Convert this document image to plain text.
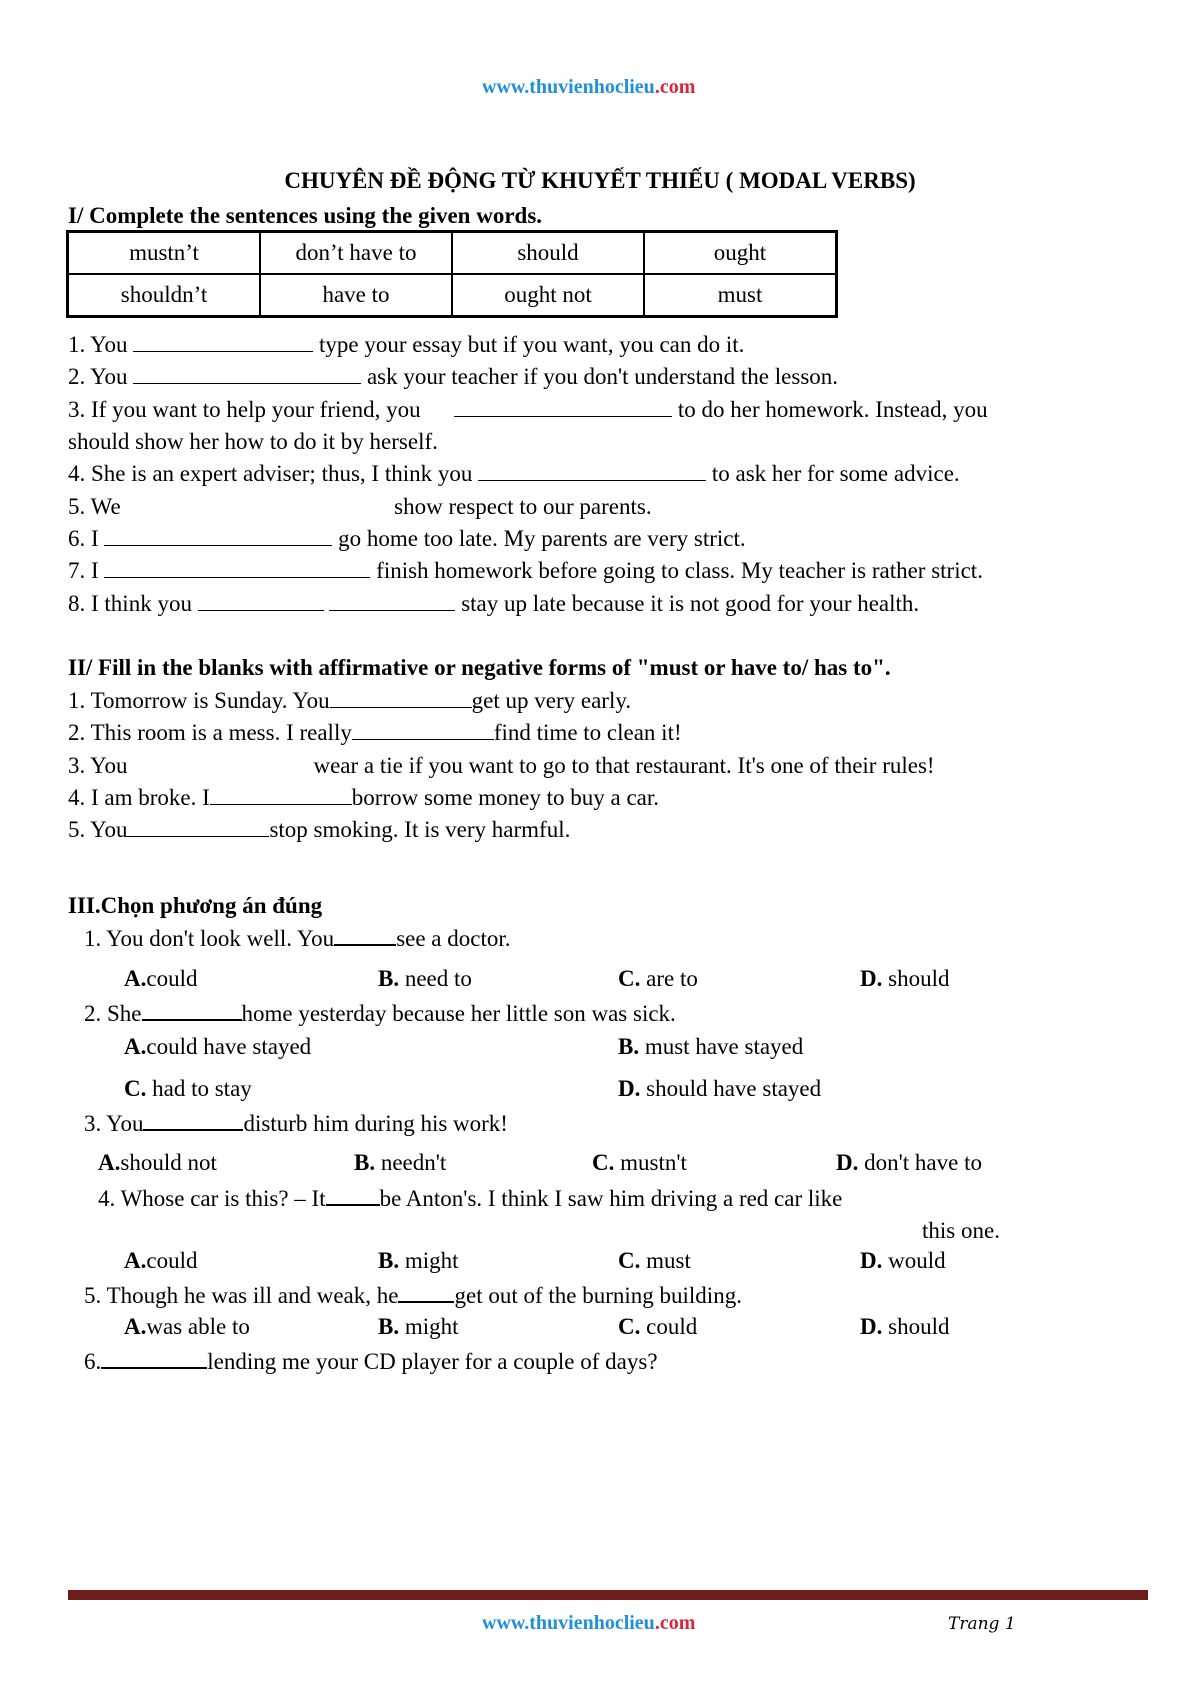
www.thuvienhoclieu.com
CHUYÊN ĐỀ ĐỘNG TỪ KHUYẾT THIẾU ( MODAL VERBS)
I/ Complete the sentences using the given words.
mustn’t	don’t have to	should	ought
shouldn’t	have to	ought not	must
1. You	type your essay but if you want, you can do it.
2. You	ask your teacher if you don't understand the lesson.
3. If you want to help your friend, you	to do her homework. Instead, you
should show her how to do it by herself.
4. She is an expert adviser; thus, I think you	to ask her for some advice.
5. We	show respect to our parents.
6. I	go home too late. My parents are very strict.
7. I	finish homework before going to class. My teacher is rather strict.
8. I think you	stay up late because it is not good for your health.
II/ Fill in the blanks with affirmative or negative forms of "must or have to/ has to".
1. Tomorrow is Sunday. You	get up very early.
2. This room is a mess. I really	find time to clean it!
3. You	wear a tie if you want to go to that restaurant. It's one of their rules!
4. I am broke. I	borrow some money to buy a car.
5. You	stop smoking. It is very harmful.
III.Chọn phương án đúng
1. You don't look well. You	see a doctor.
A.could	B. need to	C. are to	D. should
2. She	home yesterday because her little son was sick.
A.could have stayed	B. must have stayed
C. had to stay	D. should have stayed
3. You	disturb him during his work!
A.should not	B. needn't	C. mustn't	D. don't have to
4. Whose car is this? – It be Anton's. I think I saw him driving a red car like
this one.
A.could	B. might	C. must	D. would
5. Though he was ill and weak, he get out of the burning building.
A.was able to	B. might	C. could	D. should
6.	lending me your CD player for a couple of days?
www.thuvienhoclieu.com	Trang 1
